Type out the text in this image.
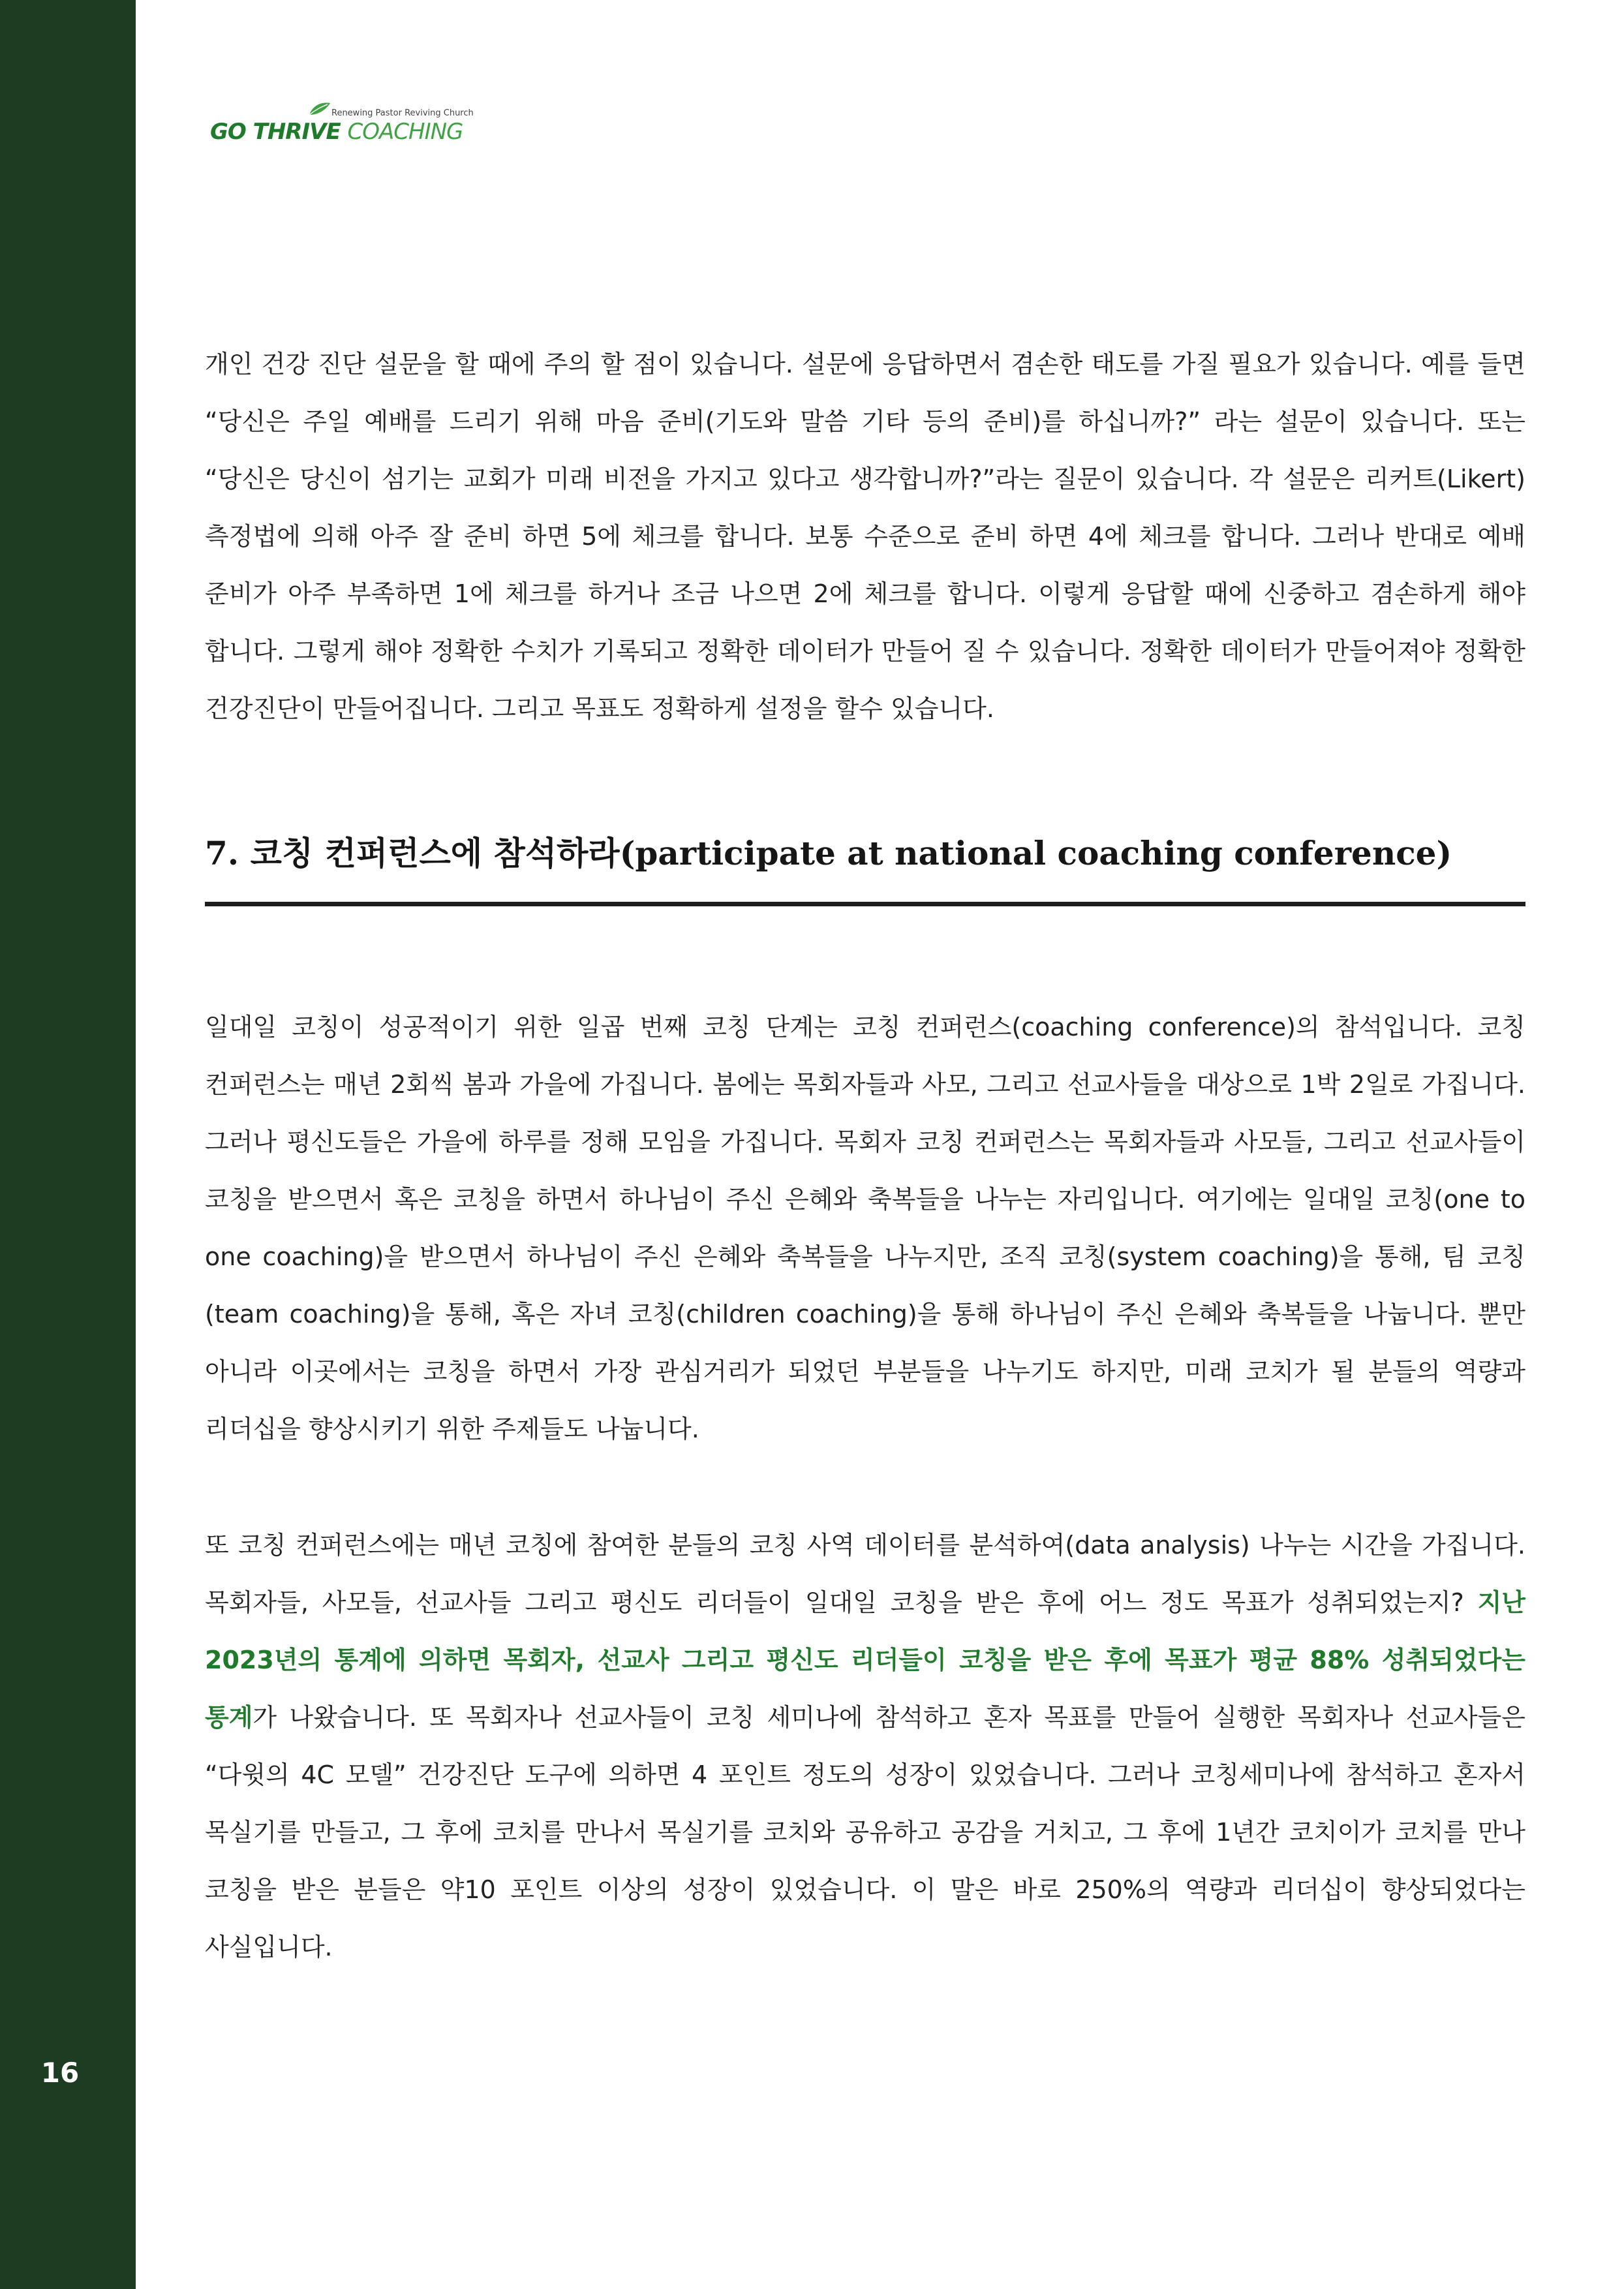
16
Renewing Pastor Reviving Church
GO THRIVE COACHING

개인 건강 진단 설문을 할 때에 주의 할 점이 있습니다. 설문에 응답하면서 겸손한 태도를 가질 필요가 있습니다. 예를 들면 “당신은 주일 예배를 드리기 위해 마음 준비(기도와 말씀 기타 등의 준비)를 하십니까?” 라는 설문이 있습니다. 또는 “당신은 당신이 섬기는 교회가 미래 비전을 가지고 있다고 생각합니까?”라는 질문이 있습니다. 각 설문은 리커트(Likert) 측정법에 의해 아주 잘 준비 하면 5에 체크를 합니다. 보통 수준으로 준비 하면 4에 체크를 합니다. 그러나 반대로 예배 준비가 아주 부족하면 1에 체크를 하거나 조금 나으면 2에 체크를 합니다. 이렇게 응답할 때에 신중하고 겸손하게 해야 합니다. 그렇게 해야 정확한 수치가 기록되고 정확한 데이터가 만들어 질 수 있습니다. 정확한 데이터가 만들어져야 정확한 건강진단이 만들어집니다. 그리고 목표도 정확하게 설정을 할수 있습니다.

7. 코칭 컨퍼런스에 참석하라(participate at national coaching conference)

일대일 코칭이 성공적이기 위한 일곱 번째 코칭 단계는 코칭 컨퍼런스(coaching conference)의 참석입니다. 코칭 컨퍼런스는 매년 2회씩 봄과 가을에 가집니다. 봄에는 목회자들과 사모, 그리고 선교사들을 대상으로 1박 2일로 가집니다. 그러나 평신도들은 가을에 하루를 정해 모임을 가집니다. 목회자 코칭 컨퍼런스는 목회자들과 사모들, 그리고 선교사들이 코칭을 받으면서 혹은 코칭을 하면서 하나님이 주신 은혜와 축복들을 나누는 자리입니다. 여기에는 일대일 코칭(one to one coaching)을 받으면서 하나님이 주신 은혜와 축복들을 나누지만, 조직 코칭(system coaching)을 통해, 팀 코칭(team coaching)을 통해, 혹은 자녀 코칭(children coaching)을 통해 하나님이 주신 은혜와 축복들을 나눕니다. 뿐만 아니라 이곳에서는 코칭을 하면서 가장 관심거리가 되었던 부분들을 나누기도 하지만, 미래 코치가 될 분들의 역량과 리더십을 향상시키기 위한 주제들도 나눕니다.

또 코칭 컨퍼런스에는 매년 코칭에 참여한 분들의 코칭 사역 데이터를 분석하여(data analysis) 나누는 시간을 가집니다. 목회자들, 사모들, 선교사들 그리고 평신도 리더들이 일대일 코칭을 받은 후에 어느 정도 목표가 성취되었는지? 지난 2023년의 통계에 의하면 목회자, 선교사 그리고 평신도 리더들이 코칭을 받은 후에 목표가 평균 88% 성취되었다는 통계가 나왔습니다. 또 목회자나 선교사들이 코칭 세미나에 참석하고 혼자 목표를 만들어 실행한 목회자나 선교사들은 “다윗의 4C 모델” 건강진단 도구에 의하면 4 포인트 정도의 성장이 있었습니다. 그러나 코칭세미나에 참석하고 혼자서 목실기를 만들고, 그 후에 코치를 만나서 목실기를 코치와 공유하고 공감을 거치고, 그 후에 1년간 코치이가 코치를 만나 코칭을 받은 분들은 약10 포인트 이상의 성장이 있었습니다. 이 말은 바로 250%의 역량과 리더십이 향상되었다는 사실입니다.
